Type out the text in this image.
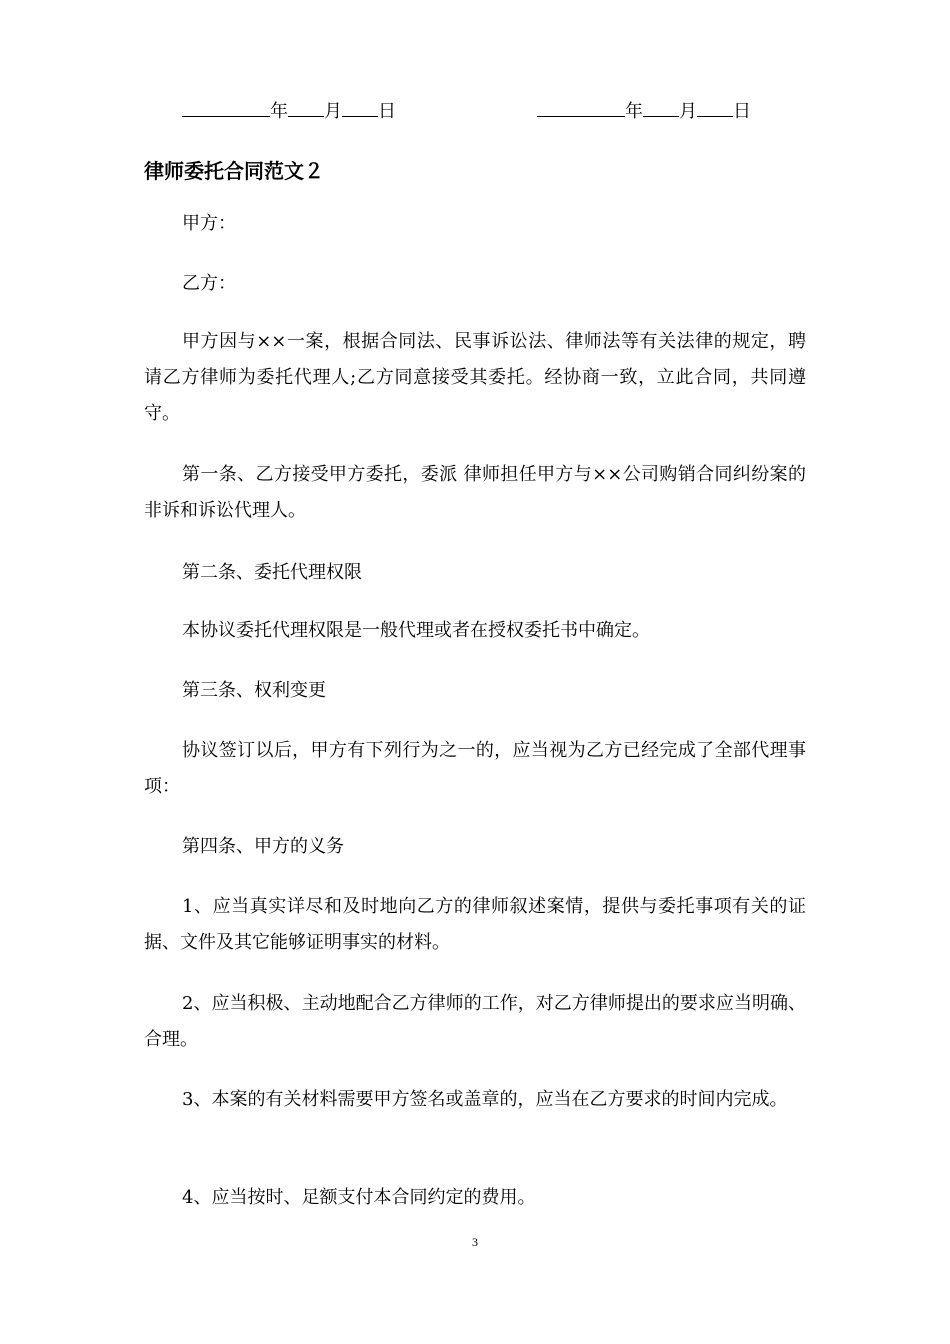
年 月 日	年 月 日
律师委托合同范文２

甲方：

乙方：

甲方因与××一案，根据合同法、民事诉讼法、律师法等有关法律的规定，聘请乙方律师为委托代理人;乙方同意接受其委托。经协商一致，立此合同，共同遵守。

第一条、乙方接受甲方委托，委派 律师担任甲方与××公司购销合同纠纷案的非诉和诉讼代理人。

第二条、委托代理权限

本协议委托代理权限是一般代理或者在授权委托书中确定。

第三条、权利变更

协议签订以后，甲方有下列行为之一的，应当视为乙方已经完成了全部代理事项：

第四条、甲方的义务

1、应当真实详尽和及时地向乙方的律师叙述案情，提供与委托事项有关的证据、文件及其它能够证明事实的材料。

2、应当积极、主动地配合乙方律师的工作，对乙方律师提出的要求应当明确、合理。

3、本案的有关材料需要甲方签名或盖章的，应当在乙方要求的时间内完成。

4、应当按时、足额支付本合同约定的费用。

3
